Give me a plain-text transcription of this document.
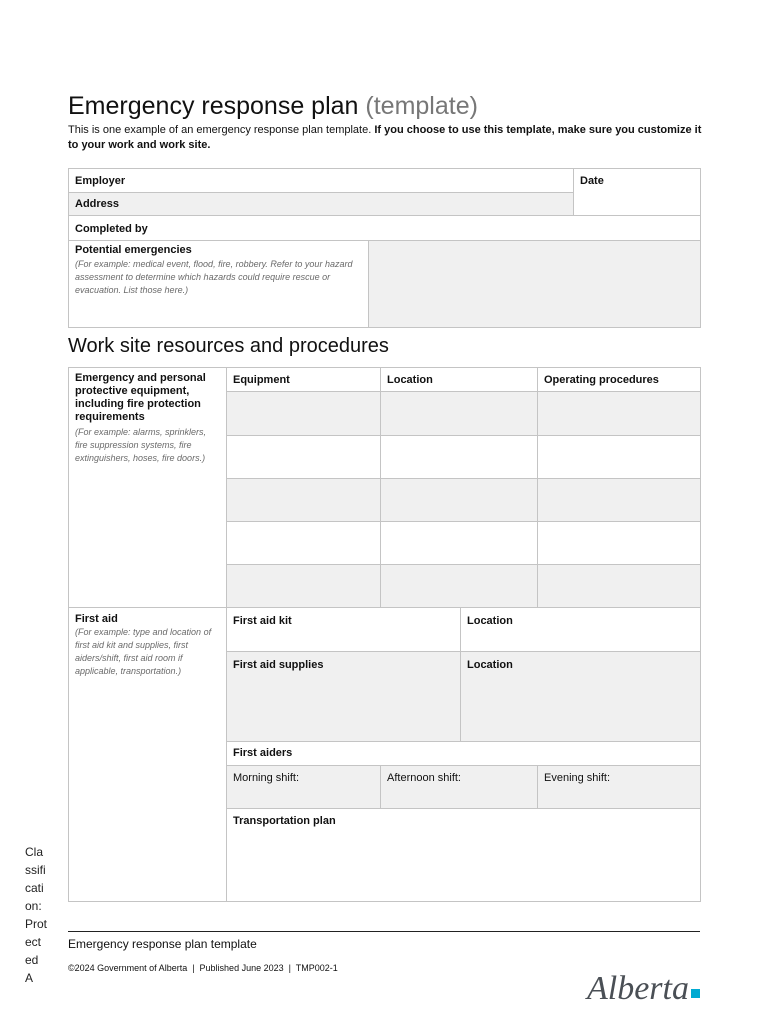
Emergency response plan (template)
This is one example of an emergency response plan template. If you choose to use this template, make sure you customize it to your work and work site.
Employer	Date
Address
Completed by
Potential emergencies
(For example: medical event, flood, fire, robbery. Refer to your hazard assessment to determine which hazards could require rescue or evacuation. List those here.)
Work site resources and procedures
Emergency and personal protective equipment, including fire protection requirements
(For example: alarms, sprinklers, fire suppression systems, fire extinguishers, hoses, fire doors.)
Equipment	Location	Operating procedures
First aid
(For example: type and location of first aid kit and supplies, first aiders/shift, first aid room if applicable, transportation.)
First aid kit	Location
First aid supplies	Location
First aiders
Morning shift:	Afternoon shift:	Evening shift:
Transportation plan
Classification: Protected A
Emergency response plan template
©2024 Government of Alberta  |  Published June 2023  |  TMP002-1
Alberta
